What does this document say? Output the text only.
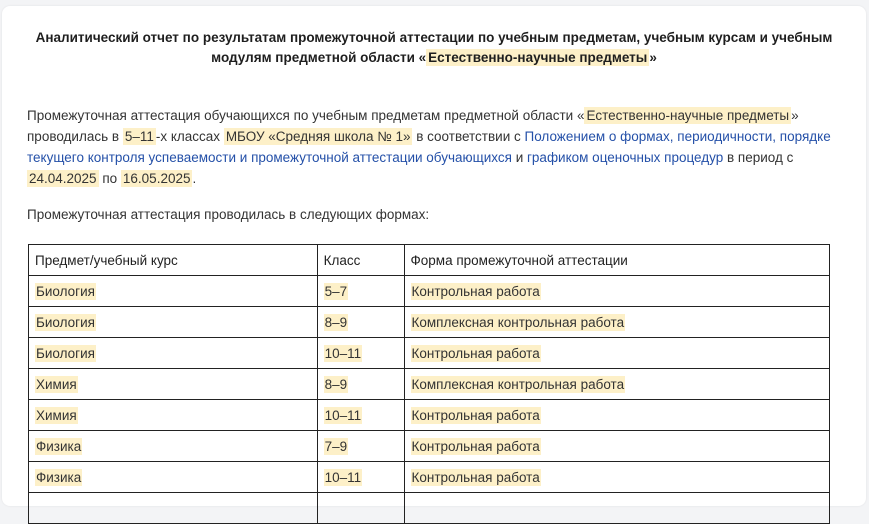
Аналитический отчет по результатам промежуточной аттестации по учебным предметам, учебным курсам и учебным
модулям предметной области « Естественно-научные предметы »
Промежуточная аттестация обучающихся по учебным предметам предметной области « Естественно-научные предметы » проводилась в 5–11 -х классах МБОУ «Средняя школа № 1» в соответствии с Положением о формах, периодичности, порядке текущего контроля успеваемости и промежуточной аттестации обучающихся и графиком оценочных процедур в период с 24.04.2025 по 16.05.2025 .
Промежуточная аттестация проводилась в следующих формах:
Предмет/учебный курс	Класс	Форма промежуточной аттестации
Биология	5–7	Контрольная работа
Биология	8–9	Комплексная контрольная работа
Биология	10–11	Контрольная работа
Химия	8–9	Комплексная контрольная работа
Химия	10–11	Контрольная работа
Физика	7–9	Контрольная работа
Физика	10–11	Контрольная работа
